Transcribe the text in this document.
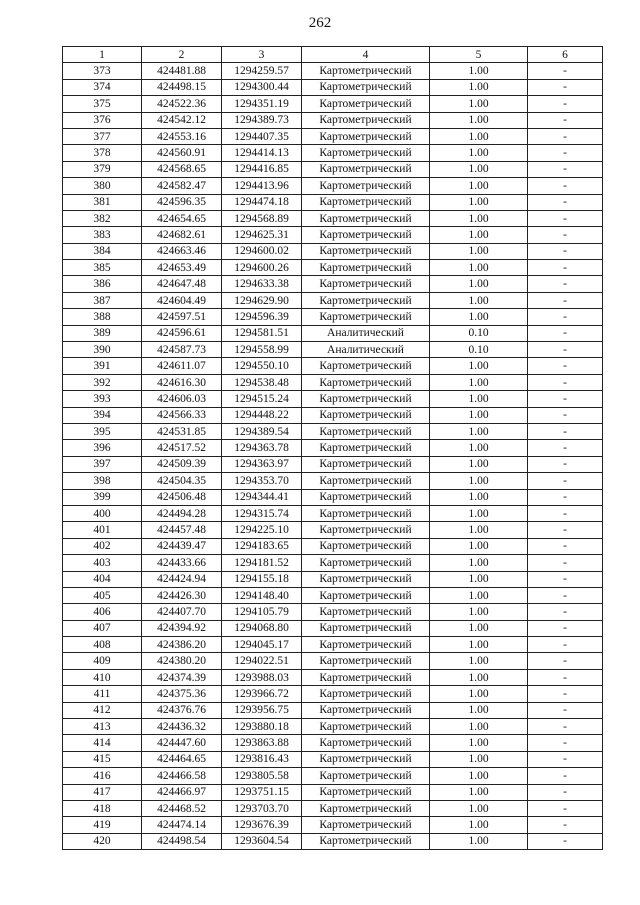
262
1	2	3	4	5	6
373	424481.88	1294259.57	Картометрический	1.00	-
374	424498.15	1294300.44	Картометрический	1.00	-
375	424522.36	1294351.19	Картометрический	1.00	-
376	424542.12	1294389.73	Картометрический	1.00	-
377	424553.16	1294407.35	Картометрический	1.00	-
378	424560.91	1294414.13	Картометрический	1.00	-
379	424568.65	1294416.85	Картометрический	1.00	-
380	424582.47	1294413.96	Картометрический	1.00	-
381	424596.35	1294474.18	Картометрический	1.00	-
382	424654.65	1294568.89	Картометрический	1.00	-
383	424682.61	1294625.31	Картометрический	1.00	-
384	424663.46	1294600.02	Картометрический	1.00	-
385	424653.49	1294600.26	Картометрический	1.00	-
386	424647.48	1294633.38	Картометрический	1.00	-
387	424604.49	1294629.90	Картометрический	1.00	-
388	424597.51	1294596.39	Картометрический	1.00	-
389	424596.61	1294581.51	Аналитический	0.10	-
390	424587.73	1294558.99	Аналитический	0.10	-
391	424611.07	1294550.10	Картометрический	1.00	-
392	424616.30	1294538.48	Картометрический	1.00	-
393	424606.03	1294515.24	Картометрический	1.00	-
394	424566.33	1294448.22	Картометрический	1.00	-
395	424531.85	1294389.54	Картометрический	1.00	-
396	424517.52	1294363.78	Картометрический	1.00	-
397	424509.39	1294363.97	Картометрический	1.00	-
398	424504.35	1294353.70	Картометрический	1.00	-
399	424506.48	1294344.41	Картометрический	1.00	-
400	424494.28	1294315.74	Картометрический	1.00	-
401	424457.48	1294225.10	Картометрический	1.00	-
402	424439.47	1294183.65	Картометрический	1.00	-
403	424433.66	1294181.52	Картометрический	1.00	-
404	424424.94	1294155.18	Картометрический	1.00	-
405	424426.30	1294148.40	Картометрический	1.00	-
406	424407.70	1294105.79	Картометрический	1.00	-
407	424394.92	1294068.80	Картометрический	1.00	-
408	424386.20	1294045.17	Картометрический	1.00	-
409	424380.20	1294022.51	Картометрический	1.00	-
410	424374.39	1293988.03	Картометрический	1.00	-
411	424375.36	1293966.72	Картометрический	1.00	-
412	424376.76	1293956.75	Картометрический	1.00	-
413	424436.32	1293880.18	Картометрический	1.00	-
414	424447.60	1293863.88	Картометрический	1.00	-
415	424464.65	1293816.43	Картометрический	1.00	-
416	424466.58	1293805.58	Картометрический	1.00	-
417	424466.97	1293751.15	Картометрический	1.00	-
418	424468.52	1293703.70	Картометрический	1.00	-
419	424474.14	1293676.39	Картометрический	1.00	-
420	424498.54	1293604.54	Картометрический	1.00	-
